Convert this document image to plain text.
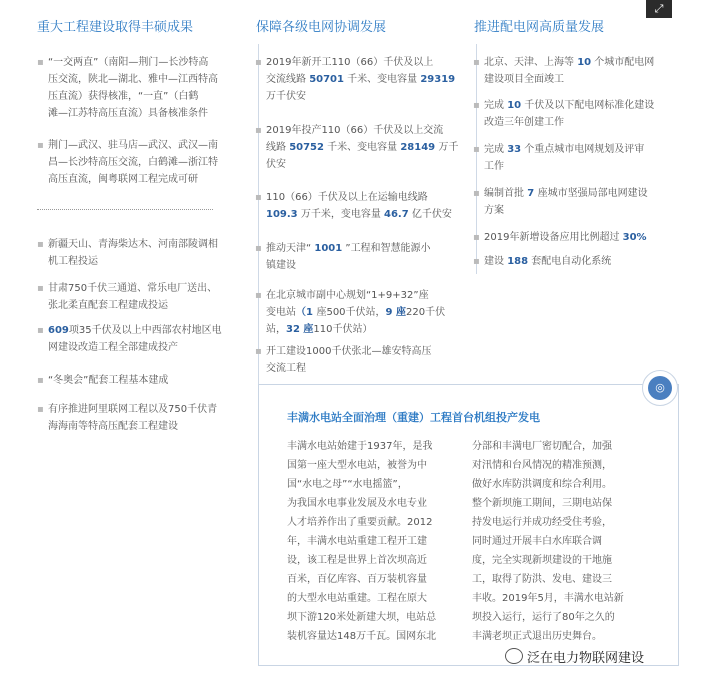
⤢
重大工程建设取得丰硕成果
▪ “一交两直”（南阳—荆门—长沙特高
压交流，陕北—湖北、雅中—江西特高
压直流）获得核准，“一直”（白鹤
滩—江苏特高压直流）具备核准条件
▪ 荆门—武汉、驻马店—武汉、武汉—南
昌—长沙特高压交流，白鹤滩—浙江特
高压直流，闽粤联网工程完成可研
▪ 新疆天山、青海柴达木、河南部陵调相
机工程投运
▪ 甘肃750千伏三通道、常乐电厂送出、
张北柔直配套工程建成投运
▪ 609项35千伏及以上中西部农村地区电
网建设改造工程全部建成投产
▪ “冬奥会”配套工程基本建成
▪ 有序推进阿里联网工程以及750千伏青
海海南等特高压配套工程建设
保障各级电网协调发展
▪ 2019年新开工110（66）千伏及以上
交流线路 50701 千米、变电容量 29319
万千伏安
▪ 2019年投产110（66）千伏及以上交流
线路 50752 千米、变电容量 28149 万千
伏安
▪ 110（66）千伏及以上在运输电线路
109.3 万千米，变电容量 46.7 亿千伏安
▪ 推动天津“ 1001 ”工程和智慧能源小
镇建设
▪ 在北京城市副中心规划“1+9+32”座
变电站（1 座500千伏站，9 座220千伏
站，32 座110千伏站）
▪ 开工建设1000千伏张北—雄安特高压
交流工程
推进配电网高质量发展
▪ 北京、天津、上海等 10 个城市配电网
建设项目全面竣工
▪ 完成 10 千伏及以下配电网标准化建设
改造三年创建工作
▪ 完成 33 个重点城市电网规划及评审
工作
▪ 编制首批 7 座城市坚强局部电网建设
方案
▪ 2019年新增设备应用比例超过 30%
▪ 建设 188 套配电自动化系统
丰满水电站全面治理（重建）工程首台机组投产发电
丰满水电站始建于1937年，是我
国第一座大型水电站，被誉为中
国“水电之母”“水电摇篮”，
为我国水电事业发展及水电专业
人才培养作出了重要贡献。2012
年，丰满水电站重建工程开工建
设，该工程是世界上首次坝高近
百米，百亿库容、百万装机容量
的大型水电站重建。工程在原大
坝下游120米处新建大坝，电站总
装机容量达148万千瓦。国网东北
分部和丰满电厂密切配合，加强
对汛情和台风情况的精准预测，
做好水库防洪调度和综合利用。
整个新坝施工期间，三期电站保
持发电运行并成功经受住考验，
同时通过开展丰白水库联合调
度，完全实现新坝建设的干地施
工，取得了防洪、发电、建设三
丰收。2019年5月，丰满水电站新
坝投入运行，运行了80年之久的
丰满老坝正式退出历史舞台。
◎
泛在电力物联网建设
